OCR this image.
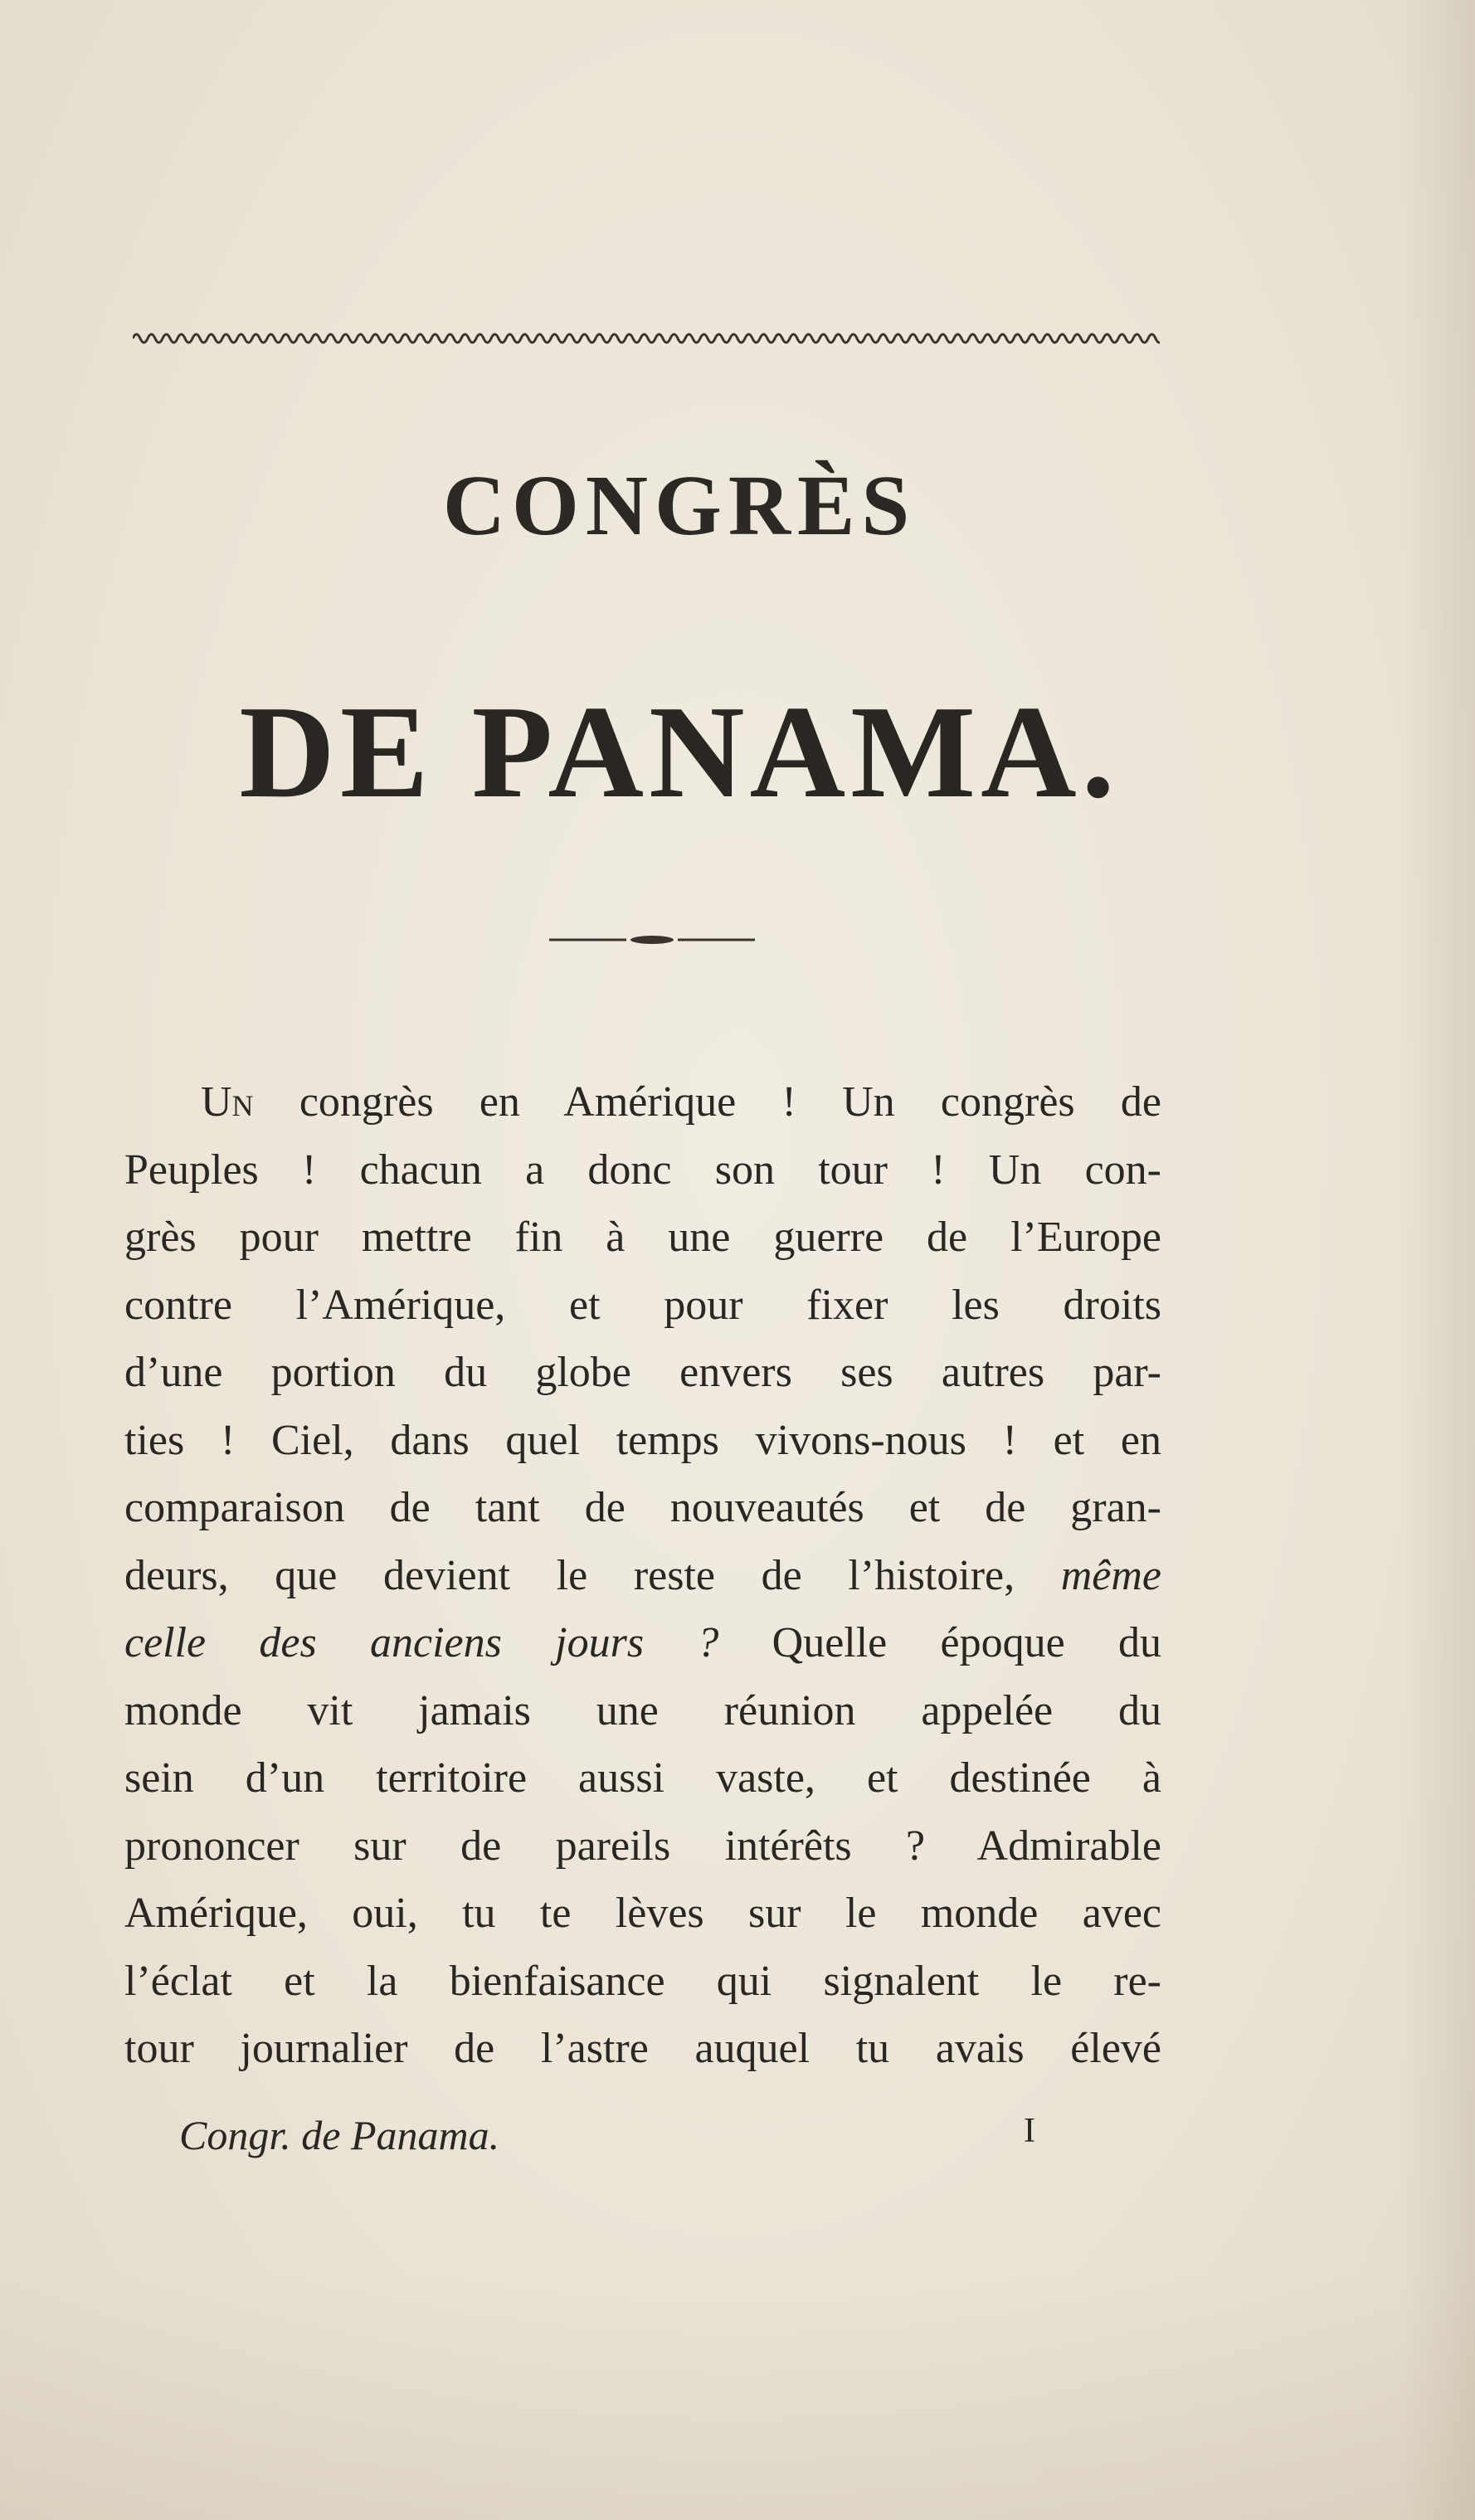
CONGRÈS
DE PANAMA.
Un congrès en Amérique ! Un congrès de
Peuples ! chacun a donc son tour ! Un con-
grès pour mettre fin à une guerre de l’Europe
contre l’Amérique, et pour fixer les droits
d’une portion du globe envers ses autres par-
ties ! Ciel, dans quel temps vivons-nous ! et en
comparaison de tant de nouveautés et de gran-
deurs, que devient le reste de l’histoire, même
celle des anciens jours ? Quelle époque du
monde vit jamais une réunion appelée du
sein d’un territoire aussi vaste, et destinée à
prononcer sur de pareils intérêts ? Admirable
Amérique, oui, tu te lèves sur le monde avec
l’éclat et la bienfaisance qui signalent le re-
tour journalier de l’astre auquel tu avais élevé
Congr. de Panama.	I
